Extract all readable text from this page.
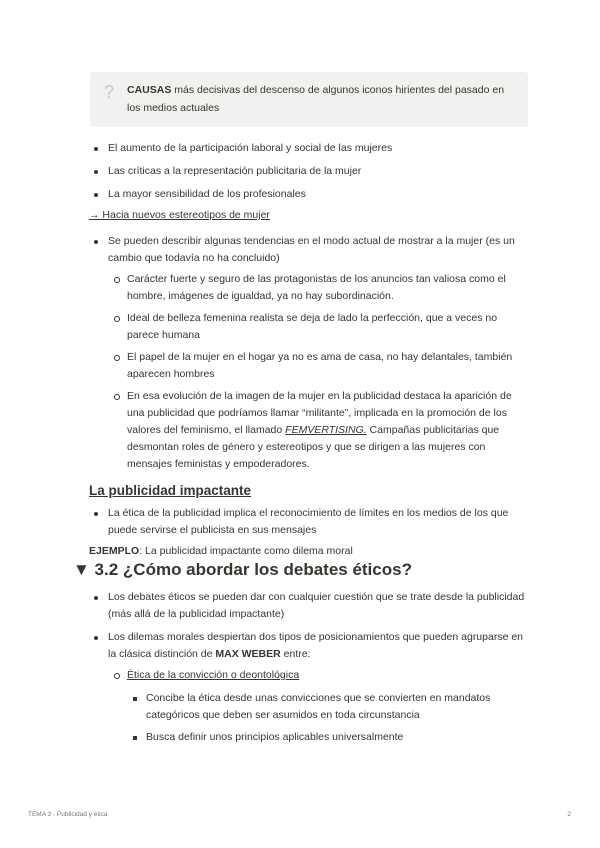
? CAUSAS más decisivas del descenso de algunos iconos hirientes del pasado en los medios actuales
El aumento de la participación laboral y social de las mujeres
Las críticas a la representación publicitaria de la mujer
La mayor sensibilidad de los profesionales
→ Hacia nuevos estereotipos de mujer
Se pueden describir algunas tendencias en el modo actual de mostrar a la mujer (es un cambio que todavía no ha concluido)
Carácter fuerte y seguro de las protagonistas de los anuncios tan valiosa como el hombre, imágenes de igualdad, ya no hay subordinación.
Ideal de belleza femenina realista se deja de lado la perfección, que a veces no parece humana
El papel de la mujer en el hogar ya no es ama de casa, no hay delantales, también aparecen hombres
En esa evolución de la imagen de la mujer en la publicidad destaca la aparición de una publicidad que podríamos llamar “militante”, implicada en la promoción de los valores del feminismo, el llamado FEMVERTISING. Campañas publicitarias que desmontan roles de género y estereotipos y que se dirigen a las mujeres con mensajes feministas y empoderadores.
La publicidad impactante
La ética de la publicidad implica el reconocimiento de límites en los medios de los que puede servirse el publicista en sus mensajes
EJEMPLO: La publicidad impactante como dilema moral
▼ 3.2 ¿Cómo abordar los debates éticos?
Los debates éticos se pueden dar con cualquier cuestión que se trate desde la publicidad (más allá de la publicidad impactante)
Los dilemas morales despiertan dos tipos de posicionamientos que pueden agruparse en la clásica distinción de MAX WEBER entre:
Ética de la convicción o deontológica
Concibe la ética desde unas convicciones que se convierten en mandatos categóricos que deben ser asumidos en toda circunstancia
Busca definir unos principios aplicables universalmente
TEMA 3 - Publicidad y ética	2
